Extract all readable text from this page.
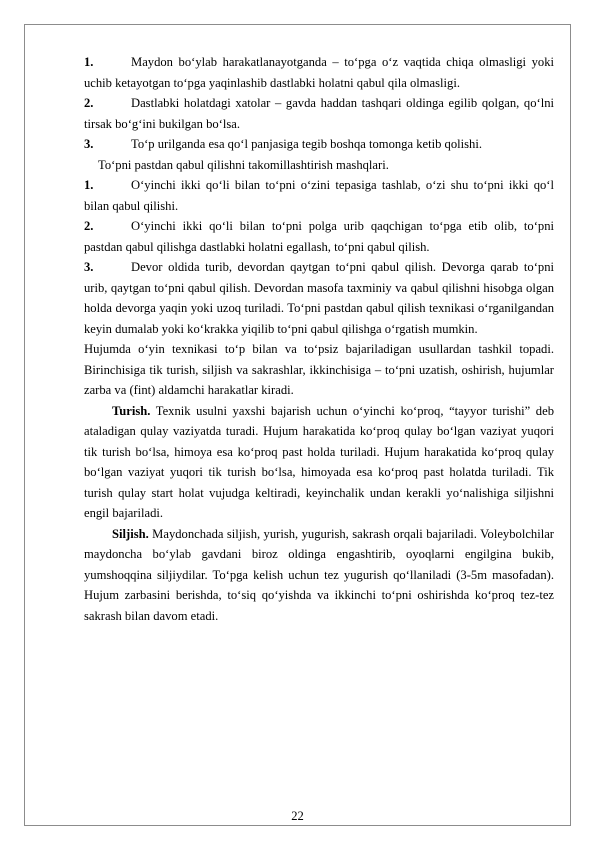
1.	Maydon bo‘ylab harakatlanayotganda – to‘pga o‘z vaqtida chiqa olmasligi yoki uchib ketayotgan to‘pga yaqinlashib dastlabki holatni qabul qila olmasligi.

2.	Dastlabki holatdagi xatolar – gavda haddan tashqari oldinga egilib qolgan, qo‘lni tirsak bo‘g‘ini bukilgan bo‘lsa.

3.	To‘p urilganda esa qo‘l panjasiga tegib boshqa tomonga ketib qolishi.

To‘pni pastdan qabul qilishni takomillashtirish mashqlari.

1.	O‘yinchi ikki qo‘li bilan to‘pni o‘zini tepasiga tashlab, o‘zi shu to‘pni ikki qo‘l bilan qabul qilishi.

2.	O‘yinchi ikki qo‘li bilan to‘pni polga urib qaqchigan to‘pga etib olib, to‘pni pastdan qabul qilishga dastlabki holatni egallash, to‘pni qabul qilish.

3.	Devor oldida turib, devordan qaytgan to‘pni qabul qilish. Devorga qarab to‘pni urib, qaytgan to‘pni qabul qilish. Devordan masofa taxminiy va qabul qilishni hisobga olgan holda devorga yaqin yoki uzoq turiladi. To‘pni pastdan qabul qilish texnikasi o‘rganilgandan keyin dumalab yoki ko‘krakka yiqilib to‘pni qabul qilishga o‘rgatish mumkin.

Hujumda o‘yin texnikasi to‘p bilan va to‘psiz bajariladigan usullardan tashkil topadi. Birinchisiga tik turish, siljish va sakrashlar, ikkinchisiga – to‘pni uzatish, oshirish, hujumlar zarba va (fint) aldamchi harakatlar kiradi.

Turish. Texnik usulni yaxshi bajarish uchun o‘yinchi ko‘proq, “tayyor turishi” deb ataladigan qulay vaziyatda turadi. Hujum harakatida ko‘proq qulay bo‘lgan vaziyat yuqori tik turish bo‘lsa, himoya esa ko‘proq past holda turiladi. Hujum harakatida ko‘proq qulay bo‘lgan vaziyat yuqori tik turish bo‘lsa, himoyada esa ko‘proq past holatda turiladi. Tik turish qulay start holat vujudga keltiradi, keyinchalik undan kerakli yo‘nalishiga siljishni engil bajariladi.

Siljish. Maydonchada siljish, yurish, yugurish, sakrash orqali bajariladi. Voleybolchilar maydoncha bo‘ylab gavdani biroz oldinga engashtirib, oyoqlarni engilgina bukib, yumshoqqina siljiydilar. To‘pga kelish uchun tez yugurish qo‘llaniladi (3-5m masofadan). Hujum zarbasini berishda, to‘siq qo‘yishda va ikkinchi to‘pni oshirishda ko‘proq tez-tez sakrash bilan davom etadi.

22
